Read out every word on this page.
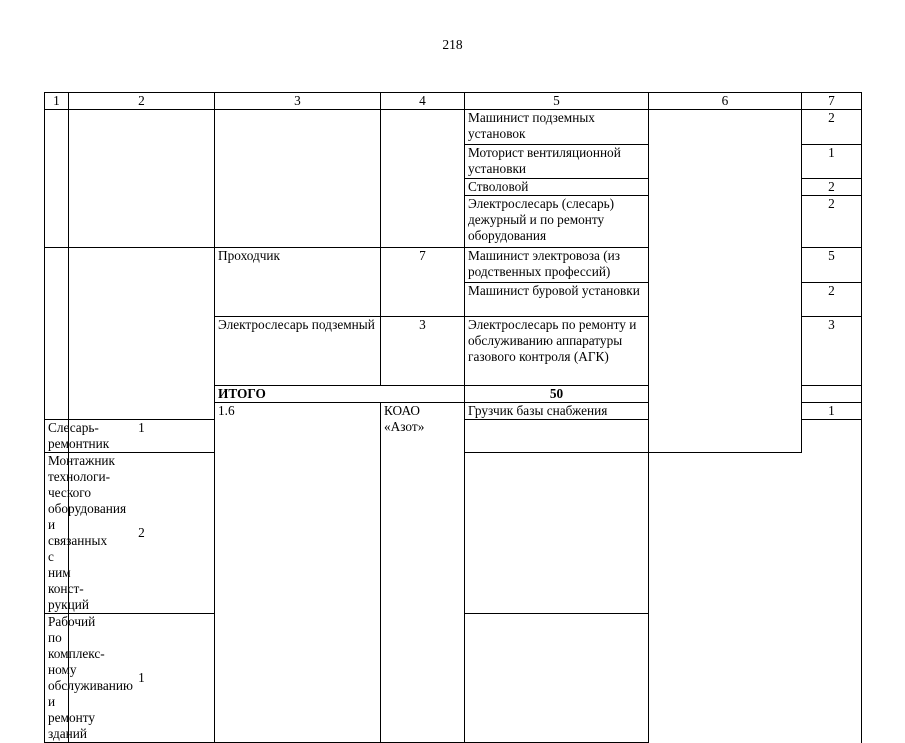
218
1	2	3	4	5	6	7	
				Машинист подземных установок		2	
				Моторист вентиляционной установки		1	
				Стволовой		2	
				Электрослесарь (слесарь) дежурный и по ремонту оборудования		2	
		Проходчик	7	Машинист электровоза (из родственных профессий)		5	
				Машинист буровой установки		2	
		Электрослесарь подземный	3	Электрослесарь по ремонту и обслуживанию аппаратуры газового контроля (АГК)		3	
		ИТОГО		50		
		1.6	КОАО «Азот»	Грузчик базы снабжения		1			
Слесарь-ремонтник	1						
Монтажник технологи-ческого оборудования и связанных с ним конст-рукций	2						
Рабочий по комплекс-ному обслуживанию и ремонту зданий	1						
